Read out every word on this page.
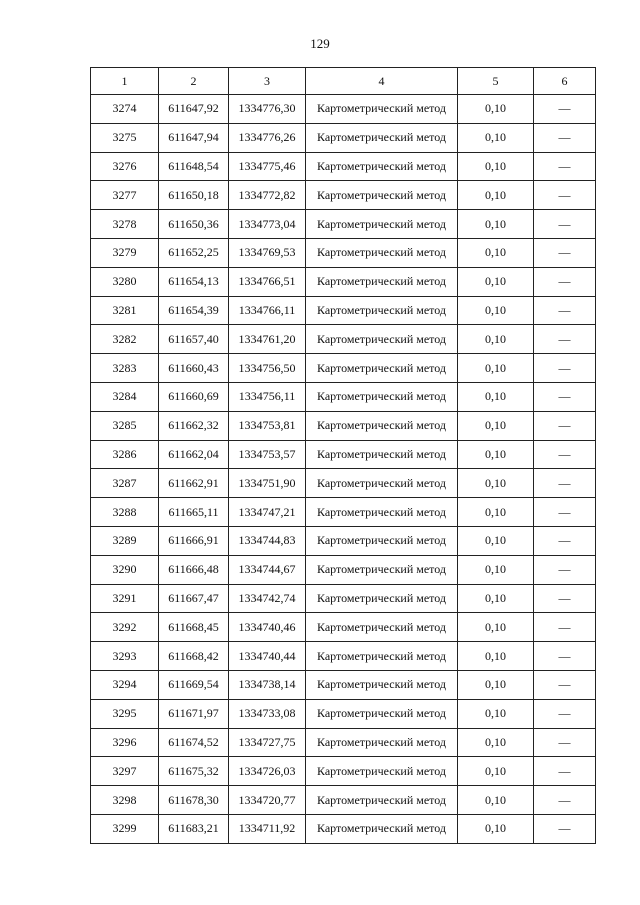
129
1	2	3	4	5	6
3274	611647,92	1334776,30	Картометрический метод	0,10	—
3275	611647,94	1334776,26	Картометрический метод	0,10	—
3276	611648,54	1334775,46	Картометрический метод	0,10	—
3277	611650,18	1334772,82	Картометрический метод	0,10	—
3278	611650,36	1334773,04	Картометрический метод	0,10	—
3279	611652,25	1334769,53	Картометрический метод	0,10	—
3280	611654,13	1334766,51	Картометрический метод	0,10	—
3281	611654,39	1334766,11	Картометрический метод	0,10	—
3282	611657,40	1334761,20	Картометрический метод	0,10	—
3283	611660,43	1334756,50	Картометрический метод	0,10	—
3284	611660,69	1334756,11	Картометрический метод	0,10	—
3285	611662,32	1334753,81	Картометрический метод	0,10	—
3286	611662,04	1334753,57	Картометрический метод	0,10	—
3287	611662,91	1334751,90	Картометрический метод	0,10	—
3288	611665,11	1334747,21	Картометрический метод	0,10	—
3289	611666,91	1334744,83	Картометрический метод	0,10	—
3290	611666,48	1334744,67	Картометрический метод	0,10	—
3291	611667,47	1334742,74	Картометрический метод	0,10	—
3292	611668,45	1334740,46	Картометрический метод	0,10	—
3293	611668,42	1334740,44	Картометрический метод	0,10	—
3294	611669,54	1334738,14	Картометрический метод	0,10	—
3295	611671,97	1334733,08	Картометрический метод	0,10	—
3296	611674,52	1334727,75	Картометрический метод	0,10	—
3297	611675,32	1334726,03	Картометрический метод	0,10	—
3298	611678,30	1334720,77	Картометрический метод	0,10	—
3299	611683,21	1334711,92	Картометрический метод	0,10	—
